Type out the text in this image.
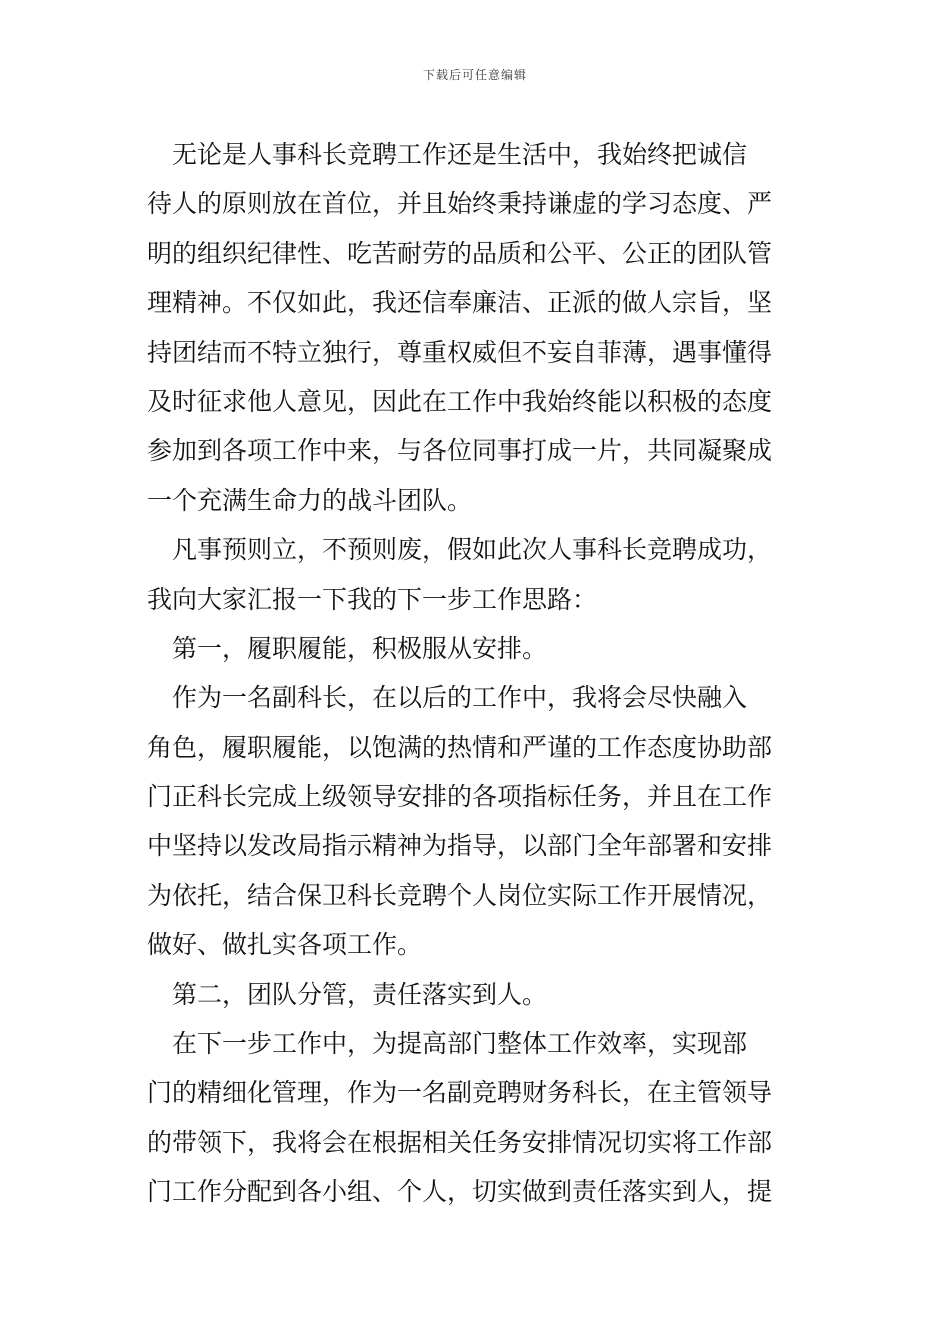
下载后可任意编辑
　无论是人事科长竞聘工作还是生活中，我始终把诚信
待人的原则放在首位，并且始终秉持谦虚的学习态度、严
明的组织纪律性、吃苦耐劳的品质和公平、公正的团队管
理精神。不仅如此，我还信奉廉洁、正派的做人宗旨，坚
持团结而不特立独行，尊重权威但不妄自菲薄，遇事懂得
及时征求他人意见，因此在工作中我始终能以积极的态度
参加到各项工作中来，与各位同事打成一片，共同凝聚成
一个充满生命力的战斗团队。
　凡事预则立，不预则废，假如此次人事科长竞聘成功，
我向大家汇报一下我的下一步工作思路：
　第一，履职履能，积极服从安排。
　作为一名副科长，在以后的工作中，我将会尽快融入
角色，履职履能，以饱满的热情和严谨的工作态度协助部
门正科长完成上级领导安排的各项指标任务，并且在工作
中坚持以发改局指示精神为指导，以部门全年部署和安排
为依托，结合保卫科长竞聘个人岗位实际工作开展情况，
做好、做扎实各项工作。
　第二，团队分管，责任落实到人。
　在下一步工作中，为提高部门整体工作效率，实现部
门的精细化管理，作为一名副竞聘财务科长，在主管领导
的带领下，我将会在根据相关任务安排情况切实将工作部
门工作分配到各小组、个人，切实做到责任落实到人，提
